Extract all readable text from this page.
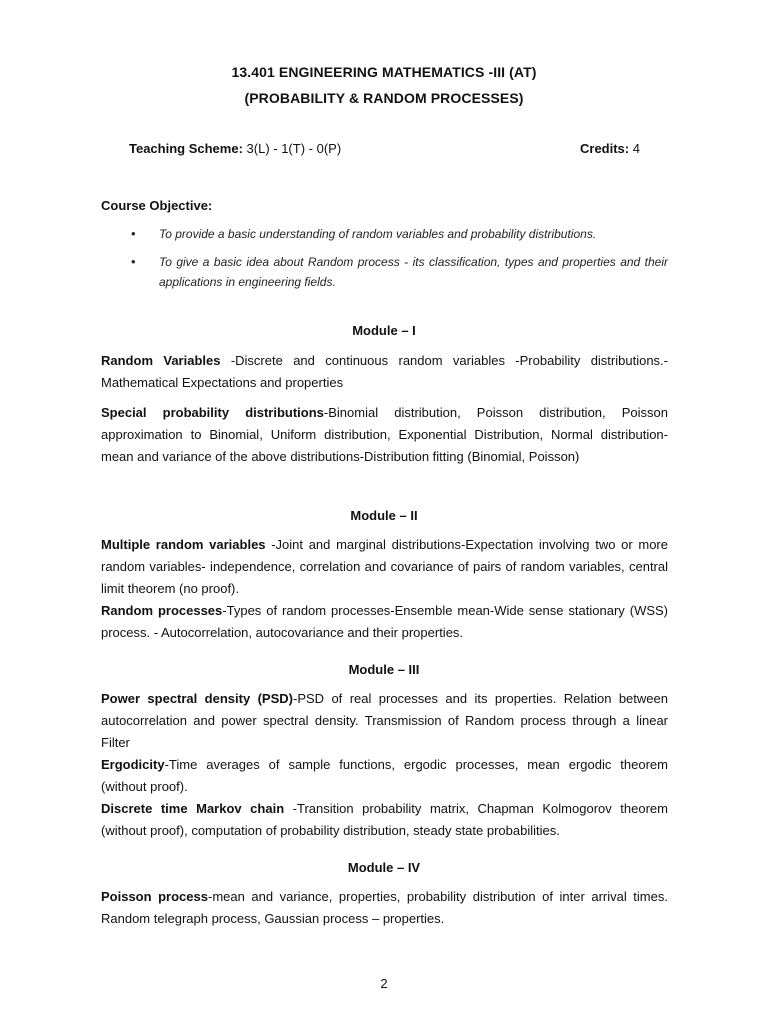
13.401 ENGINEERING MATHEMATICS -III (AT)
(PROBABILITY & RANDOM PROCESSES)
Teaching Scheme: 3(L) - 1(T) - 0(P)	Credits: 4
Course Objective:
• To provide a basic understanding of random variables and probability distributions.
• To give a basic idea about Random process - its classification, types and properties and their applications in engineering fields.
Module – I
Random Variables -Discrete and continuous random variables -Probability distributions.- Mathematical Expectations and properties
Special probability distributions-Binomial distribution, Poisson distribution, Poisson approximation to Binomial, Uniform distribution, Exponential Distribution, Normal distribution- mean and variance of the above distributions-Distribution fitting (Binomial, Poisson)
Module – II
Multiple random variables -Joint and marginal distributions-Expectation involving two or more random variables- independence, correlation and covariance of pairs of random variables, central limit theorem (no proof).
Random processes-Types of random processes-Ensemble mean-Wide sense stationary (WSS) process. - Autocorrelation, autocovariance and their properties.
Module – III
Power spectral density (PSD)-PSD of real processes and its properties. Relation between autocorrelation and power spectral density. Transmission of Random process through a linear Filter
Ergodicity-Time averages of sample functions, ergodic processes, mean ergodic theorem (without proof).
Discrete time Markov chain -Transition probability matrix, Chapman Kolmogorov theorem (without proof), computation of probability distribution, steady state probabilities.
Module – IV
Poisson process-mean and variance, properties, probability distribution of inter arrival times. Random telegraph process, Gaussian process – properties.
2
